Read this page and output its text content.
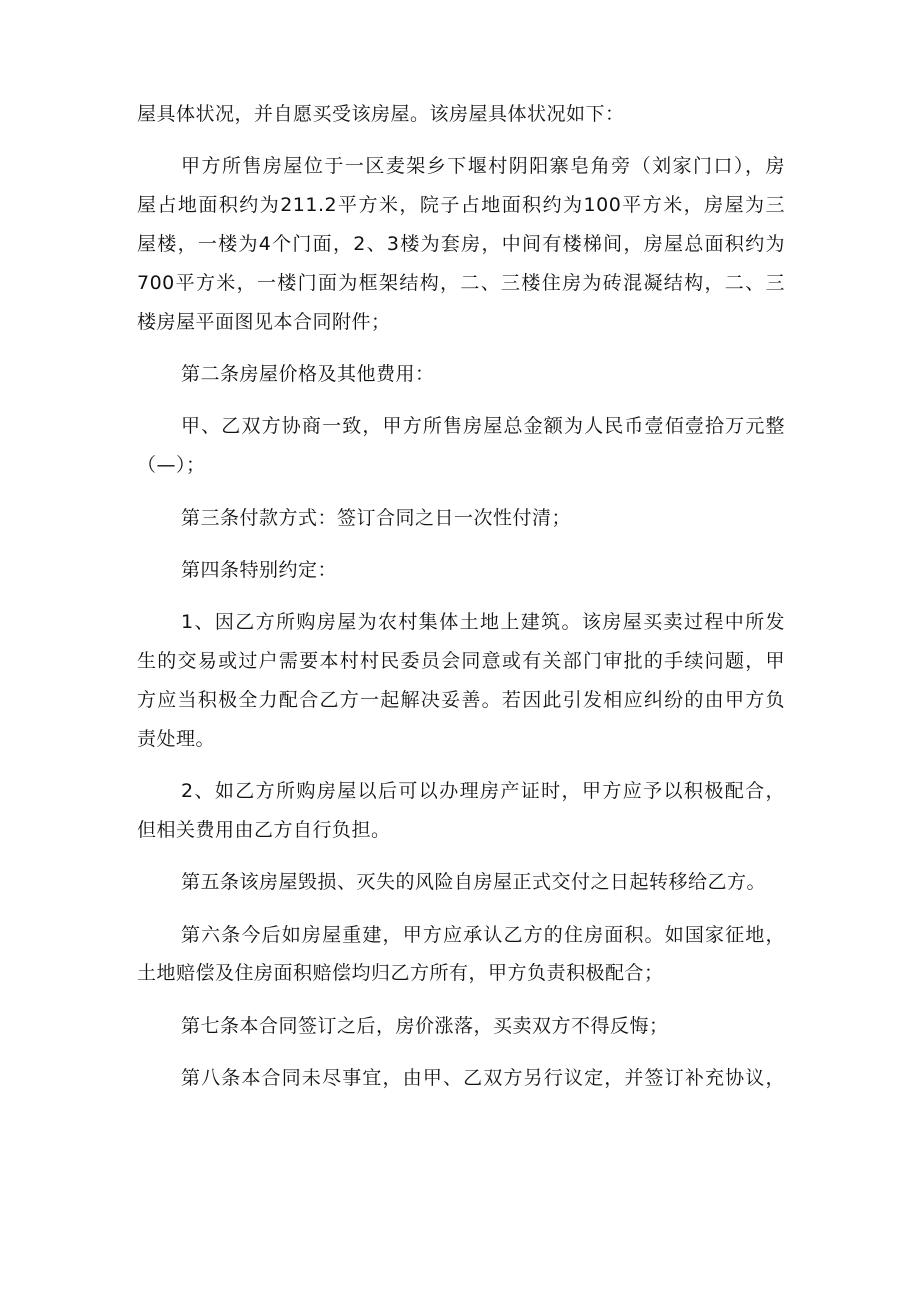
屋具体状况，并自愿买受该房屋。该房屋具体状况如下：
甲方所售房屋位于一区麦架乡下堰村阴阳寨皂角旁（刘家门口），房
屋占地面积约为211.2平方米，院子占地面积约为100平方米，房屋为三
屋楼，一楼为4个门面，2、3楼为套房，中间有楼梯间，房屋总面积约为
700平方米，一楼门面为框架结构，二、三楼住房为砖混凝结构，二、三
楼房屋平面图见本合同附件；
第二条房屋价格及其他费用：
甲、乙双方协商一致，甲方所售房屋总金额为人民币壹佰壹拾万元整
（—）；
第三条付款方式：签订合同之日一次性付清；
第四条特别约定：
1、因乙方所购房屋为农村集体土地上建筑。该房屋买卖过程中所发
生的交易或过户需要本村村民委员会同意或有关部门审批的手续问题，甲
方应当积极全力配合乙方一起解决妥善。若因此引发相应纠纷的由甲方负
责处理。
2、如乙方所购房屋以后可以办理房产证时，甲方应予以积极配合，
但相关费用由乙方自行负担。
第五条该房屋毁损、灭失的风险自房屋正式交付之日起转移给乙方。
第六条今后如房屋重建，甲方应承认乙方的住房面积。如国家征地，
土地赔偿及住房面积赔偿均归乙方所有，甲方负责积极配合；
第七条本合同签订之后，房价涨落，买卖双方不得反悔；
第八条本合同未尽事宜，由甲、乙双方另行议定，并签订补充协议，
